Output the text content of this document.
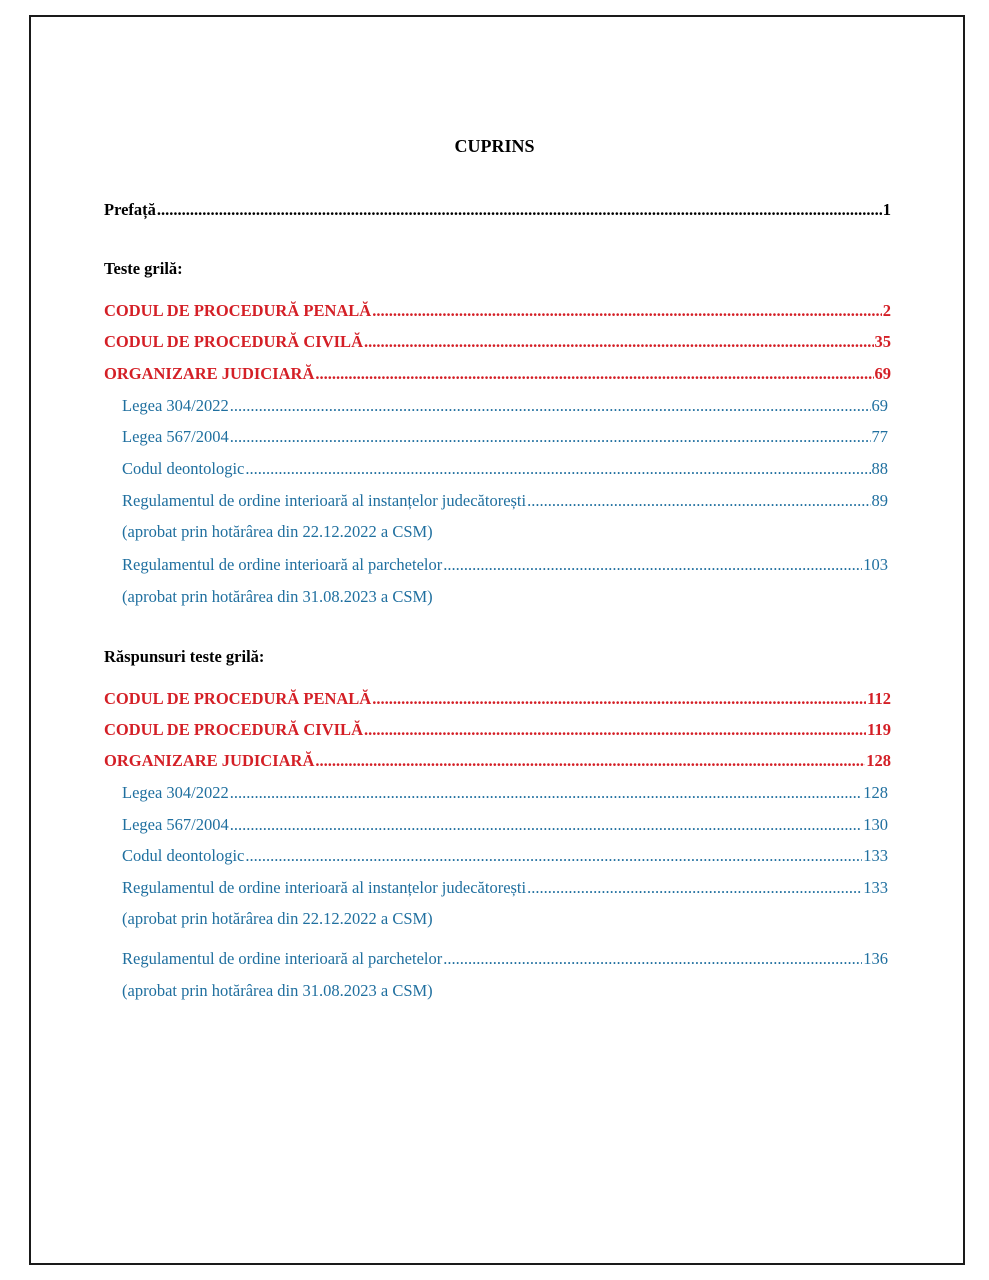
CUPRINS
Prefață .....	1
Teste grilă:
CODUL DE PROCEDURĂ PENALĂ .....	2
CODUL DE PROCEDURĂ CIVILĂ .....	35
ORGANIZARE JUDICIARĂ .....	69
Legea 304/2022 .....	69
Legea 567/2004 .....	77
Codul deontologic .....	88
Regulamentul de ordine interioară al instanțelor judecătorești .....	89
(aprobat prin hotărârea din 22.12.2022 a CSM)
Regulamentul de ordine interioară al parchetelor .....	103
(aprobat prin hotărârea din 31.08.2023 a CSM)
Răspunsuri teste grilă:
CODUL DE PROCEDURĂ PENALĂ .....	112
CODUL DE PROCEDURĂ CIVILĂ .....	119
ORGANIZARE JUDICIARĂ .....	128
Legea 304/2022 .....	128
Legea 567/2004 .....	130
Codul deontologic .....	133
Regulamentul de ordine interioară al instanțelor judecătorești .....	133
(aprobat prin hotărârea din 22.12.2022 a CSM)
Regulamentul de ordine interioară al parchetelor .....	136
(aprobat prin hotărârea din 31.08.2023 a CSM)
